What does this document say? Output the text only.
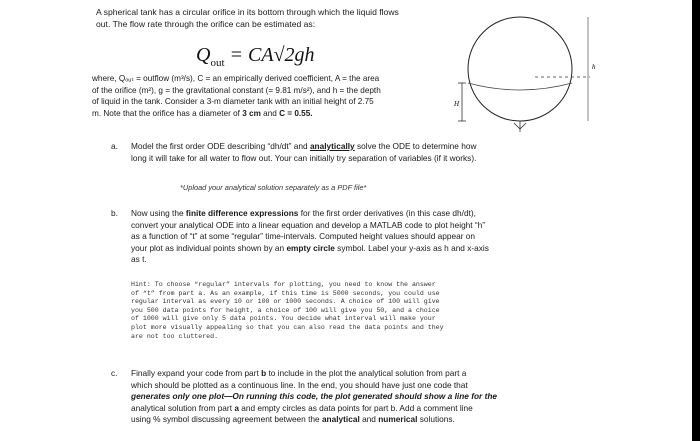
A spherical tank has a circular orifice in its bottom through which the liquid flows
out. The flow rate through the orifice can be estimated as:
$Q_{out} = CA√2gh$
where, Qₒᵤₜ = outflow (m³/s), C = an empirically derived coefficient, A = the area
of the orifice (m²), g = the gravitational constant (= 9.81 m/s²), and h = the depth
of liquid in the tank. Consider a 3-m diameter tank with an initial height of 2.75
m. Note that the orifice has a diameter of 3 cm and C = 0.55.
H
h
a. Model the first order ODE describing “dh/dt” and analytically solve the ODE to determine how
long it will take for all water to flow out. Your can initially try separation of variables (if it works).
*Upload your analytical solution separately as a PDF file*
b. Now using the finite difference expressions for the first order derivatives (in this case dh/dt),
convert your analytical ODE into a linear equation and develop a MATLAB code to plot height “h”
as a function of “t” at some “regular” time-intervals. Computed height values should appear on
your plot as individual points shown by an empty circle symbol. Label your y-axis as h and x-axis
as t.
Hint: To choose “regular” intervals for plotting, you need to know the answer
of “t” from part a. As an example, if this time is 5000 seconds, you could use
regular interval as every 10 or 100 or 1000 seconds. A choice of 100 will give
you 500 data points for height, a choice of 100 will give you 50, and a choice
of 1000 will give only 5 data points. You decide what interval will make your
plot more visually appealing so that you can also read the data points and they
are not too cluttered.
c. Finally expand your code from part b to include in the plot the analytical solution from part a
which should be plotted as a continuous line. In the end, you should have just one code that
generates only one plot—On running this code, the plot generated should show a line for the
analytical solution from part a and empty circles as data points for part b. Add a comment line
using % symbol discussing agreement between the analytical and numerical solutions.
